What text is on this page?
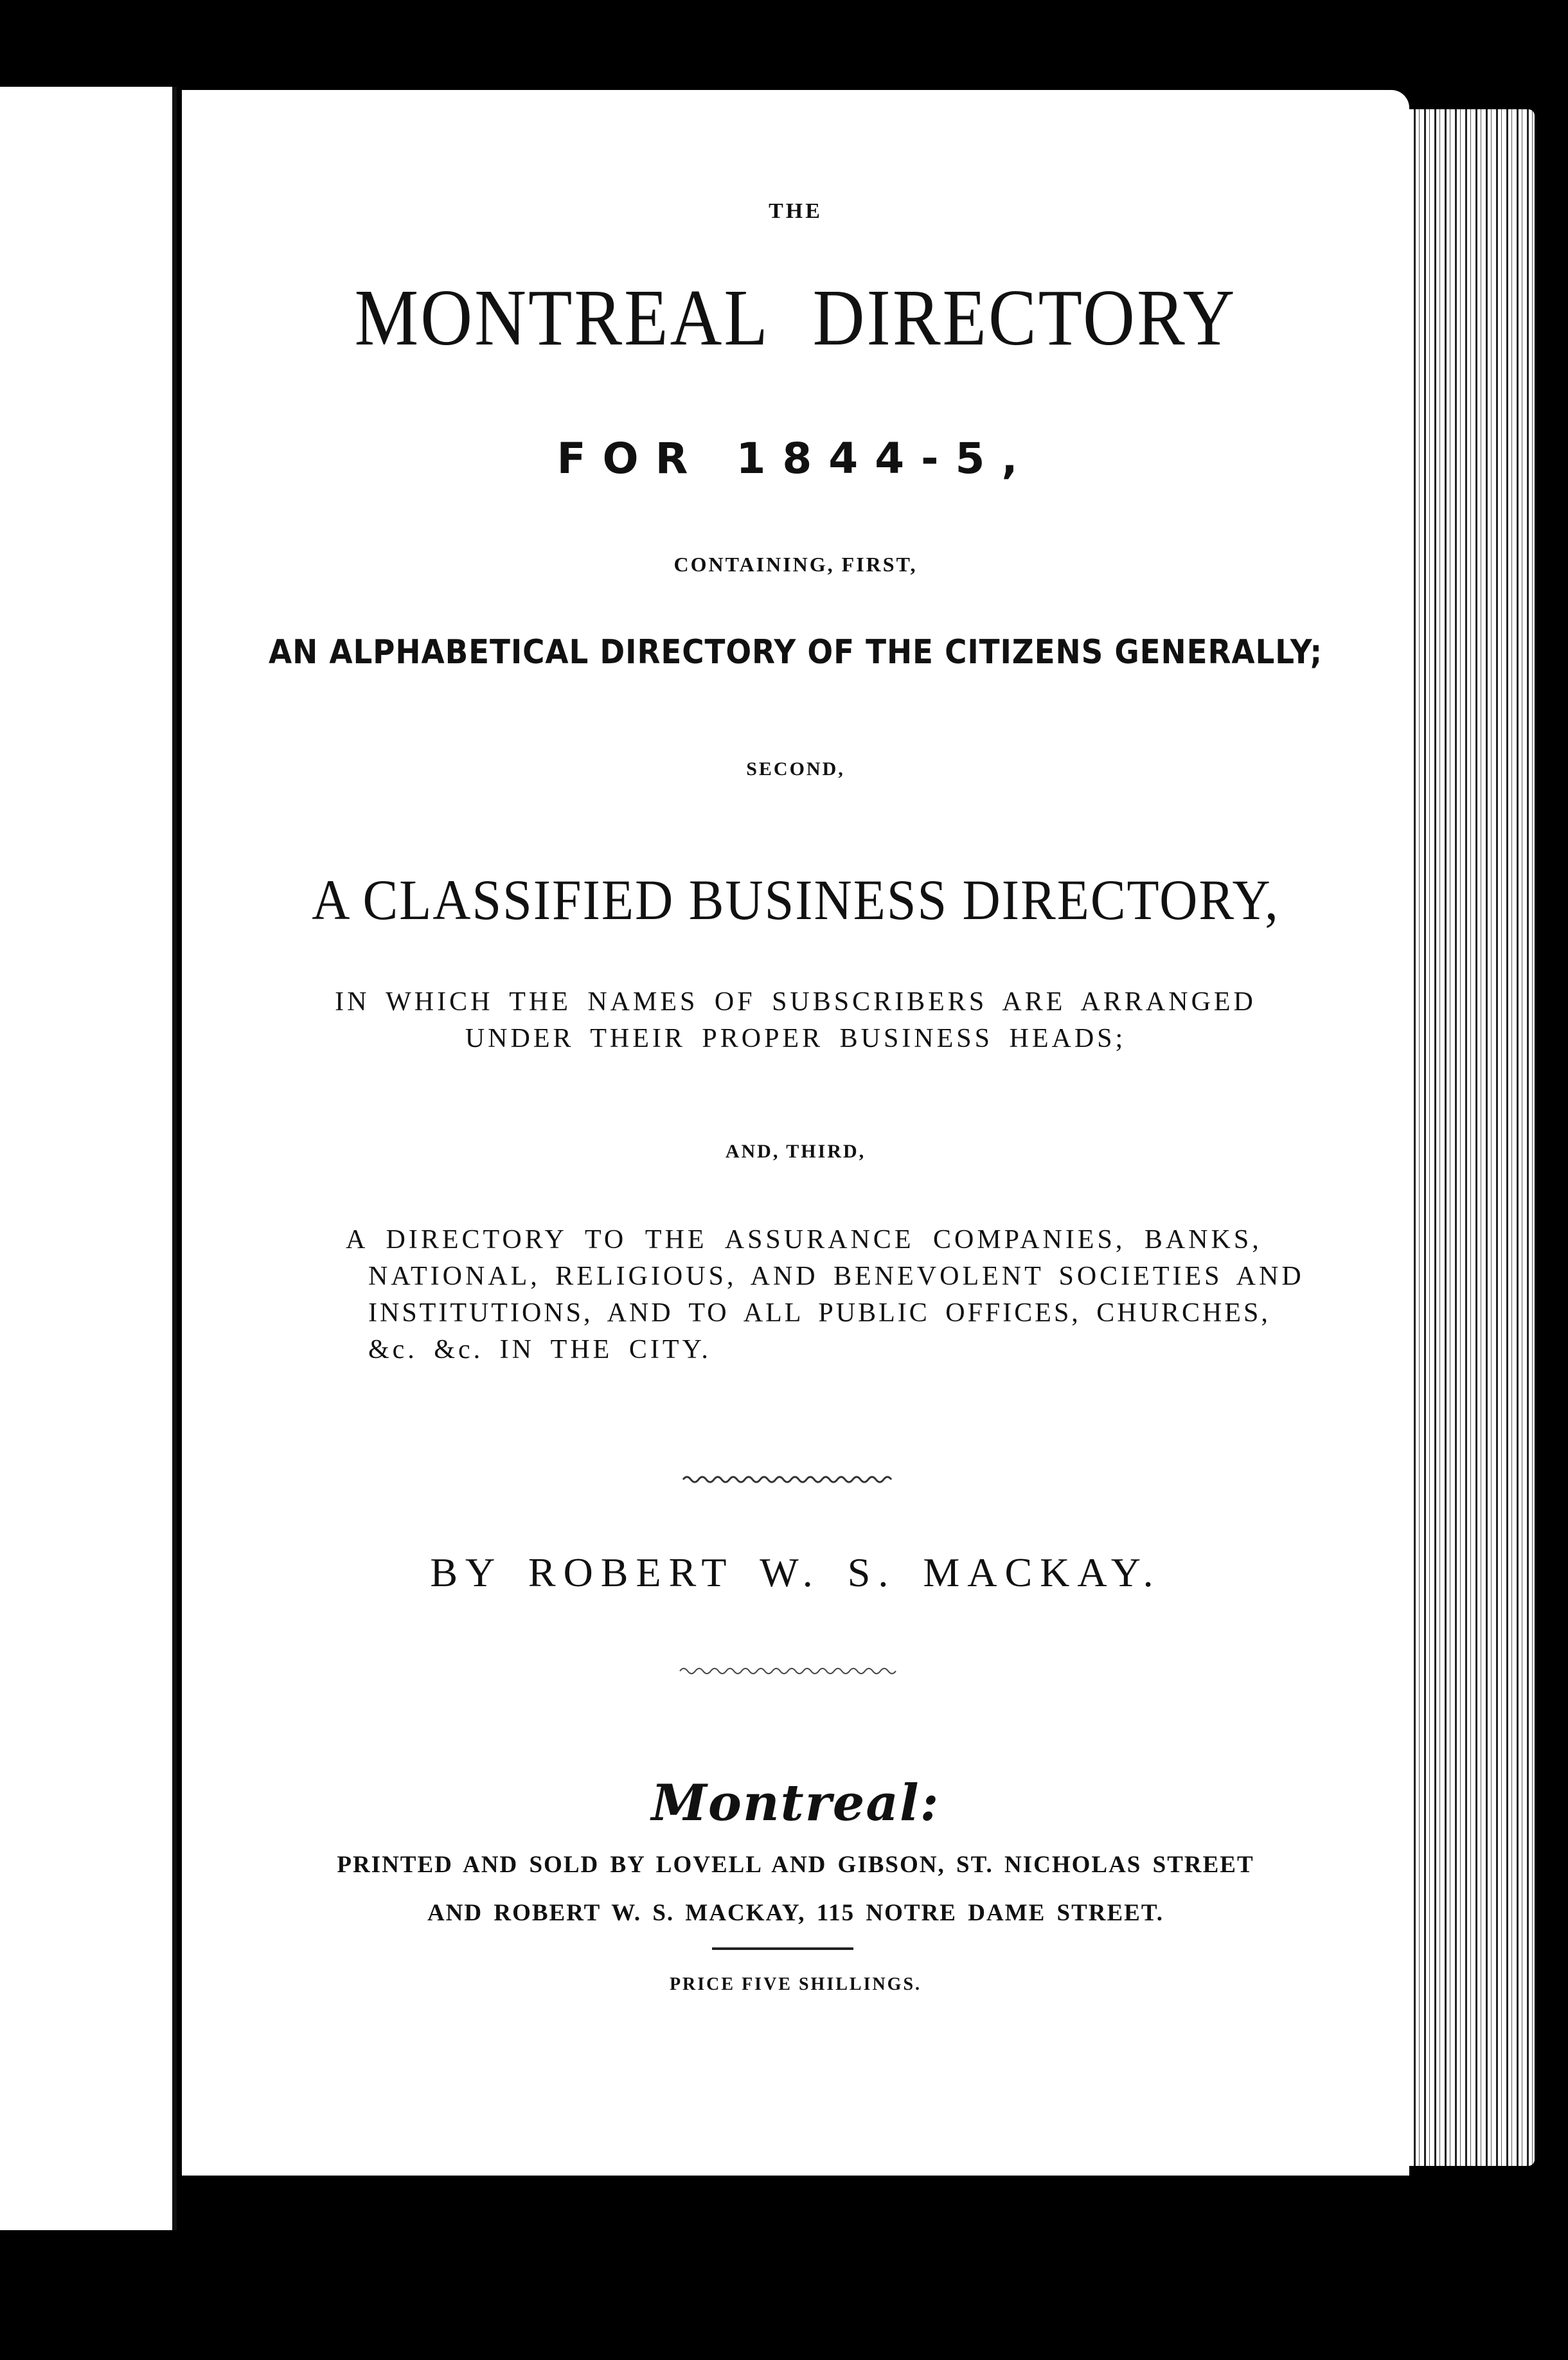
THE
MONTREAL DIRECTORY
FOR 1844-5,
CONTAINING, FIRST,
AN ALPHABETICAL DIRECTORY OF THE CITIZENS GENERALLY;
SECOND,
A CLASSIFIED BUSINESS DIRECTORY,
IN WHICH THE NAMES OF SUBSCRIBERS ARE ARRANGED
UNDER THEIR PROPER BUSINESS HEADS;
AND, THIRD,
A DIRECTORY TO THE ASSURANCE COMPANIES, BANKS,
NATIONAL, RELIGIOUS, AND BENEVOLENT SOCIETIES AND
INSTITUTIONS, AND TO ALL PUBLIC OFFICES, CHURCHES,
&c. &c. IN THE CITY.
BY ROBERT W. S. MACKAY.
Montreal:
PRINTED AND SOLD BY LOVELL AND GIBSON, ST. NICHOLAS STREET
AND ROBERT W. S. MACKAY, 115 NOTRE DAME STREET.
PRICE FIVE SHILLINGS.
